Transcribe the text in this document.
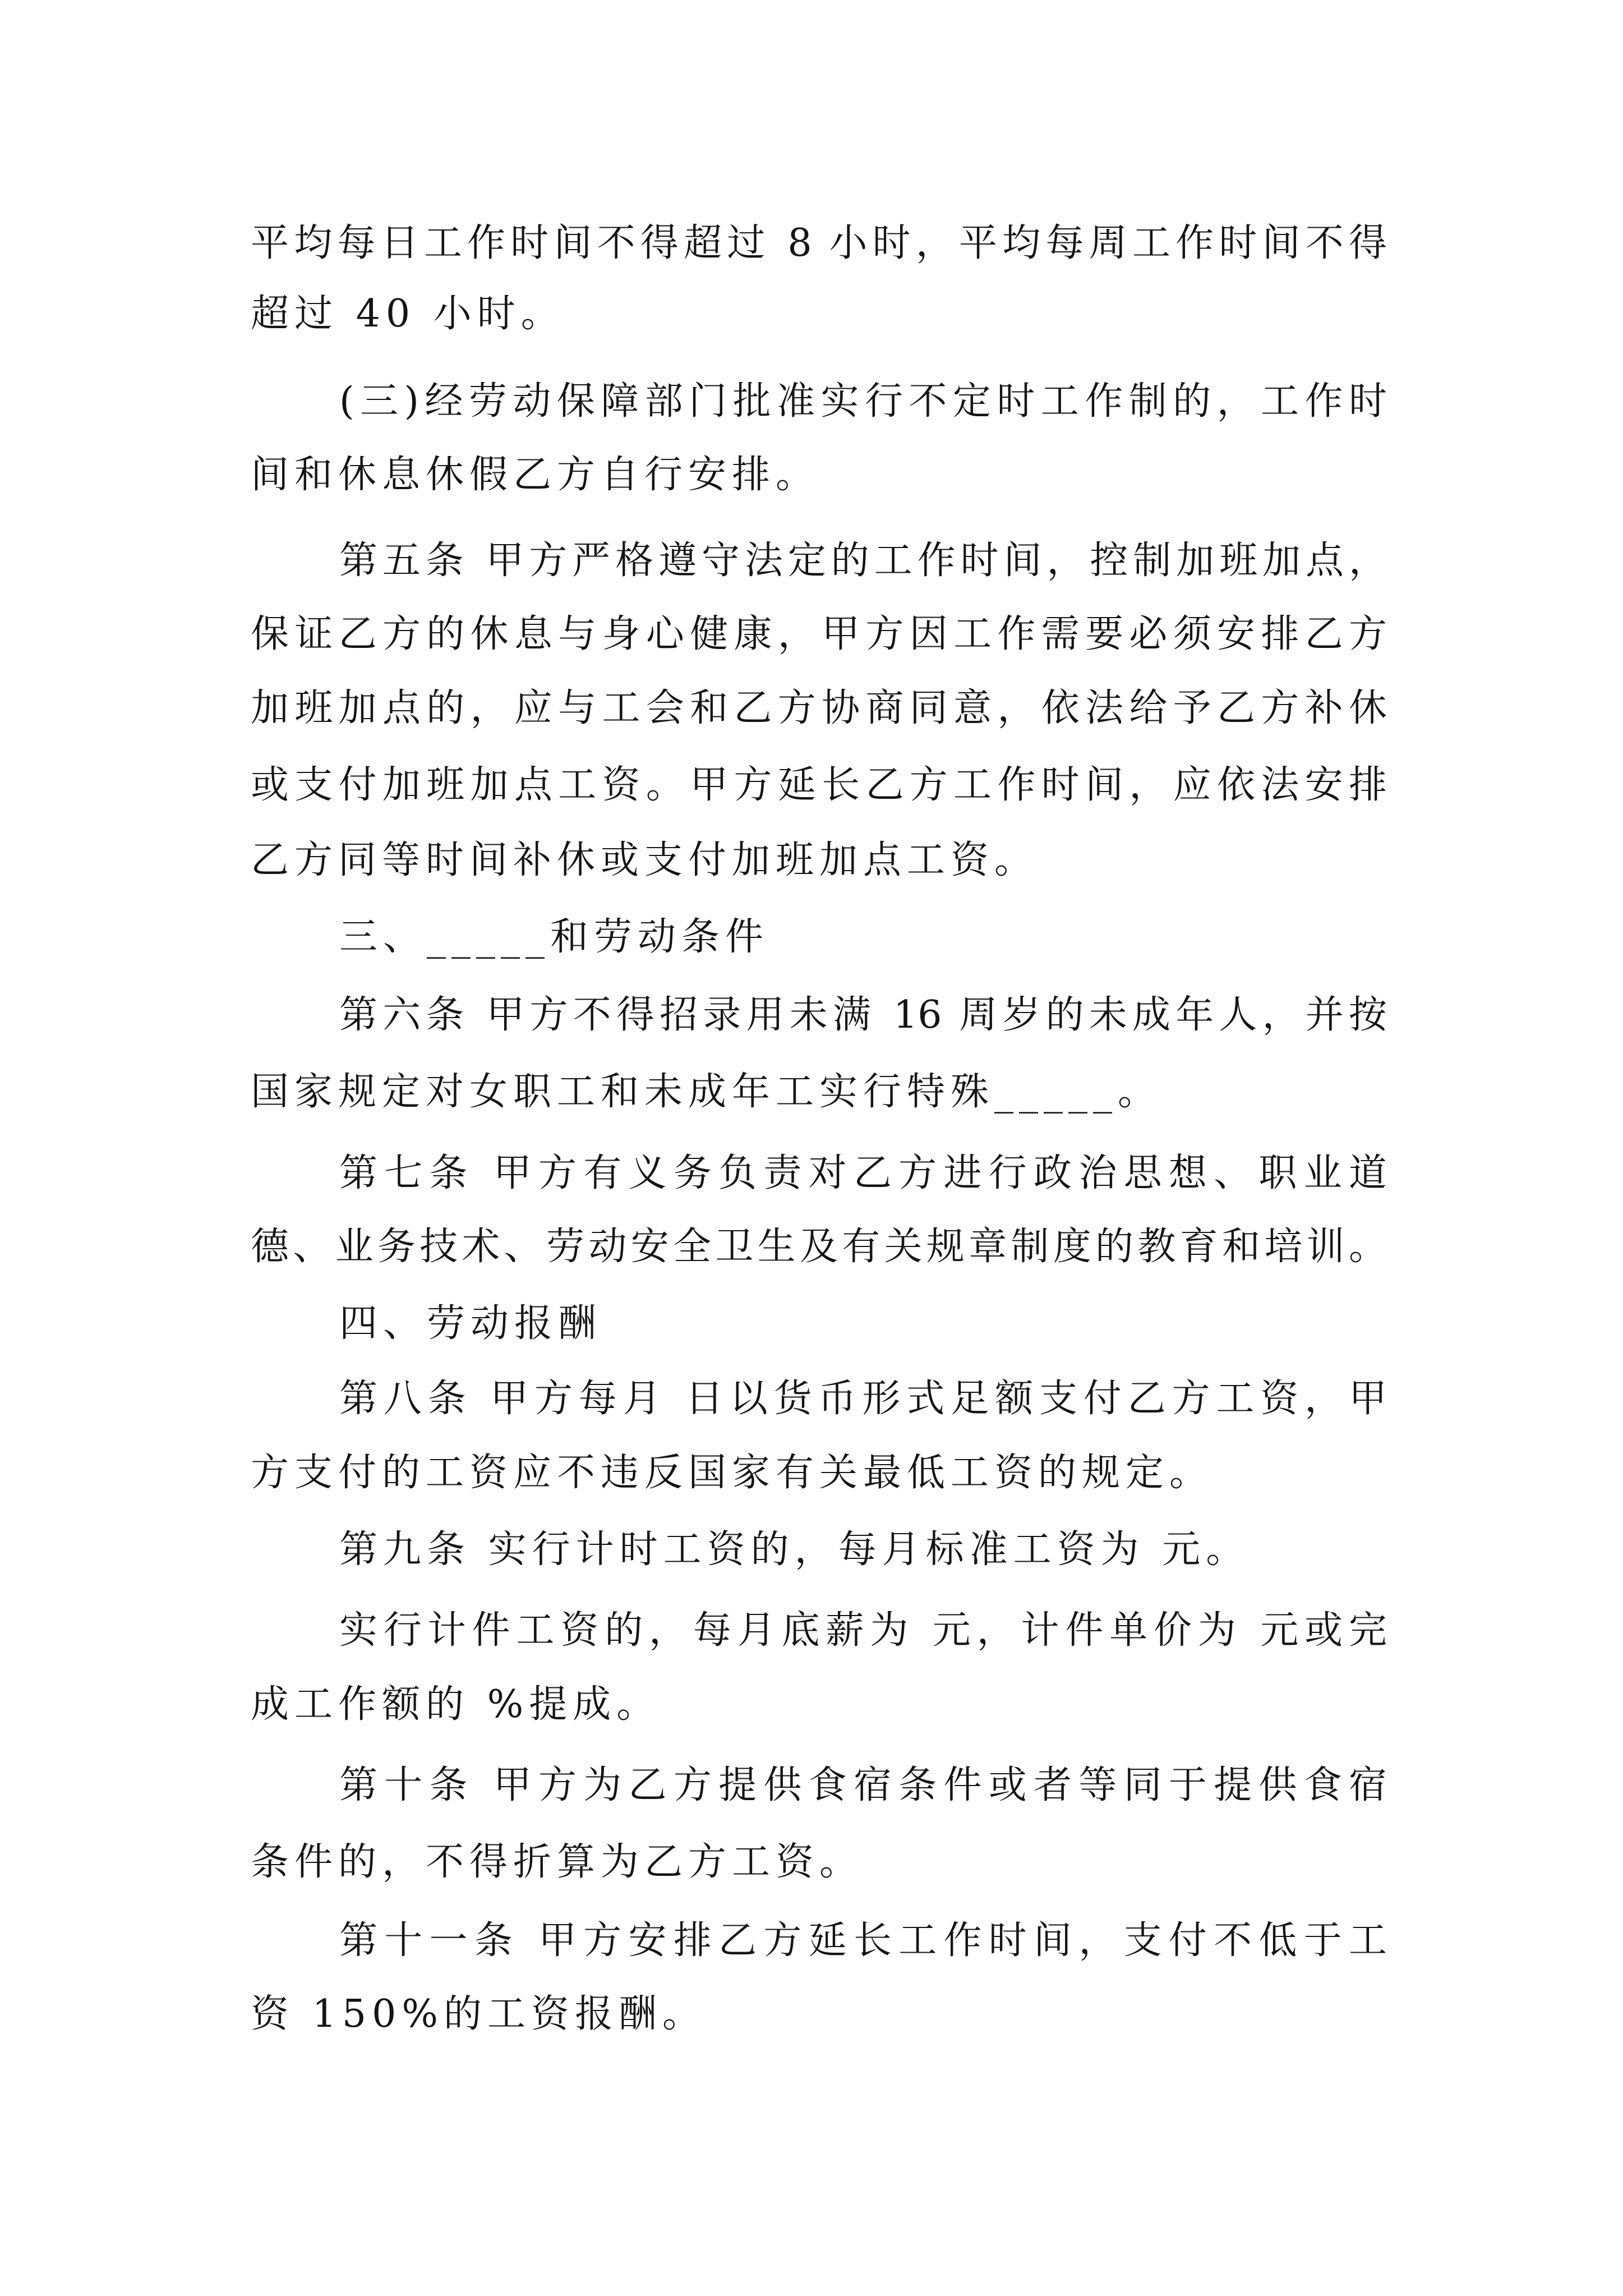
平均每日工作时间不得超过 8 小时，平均每周工作时间不得
超过 40 小时。
(三)经劳动保障部门批准实行不定时工作制的，工作时
间和休息休假乙方自行安排。
第五条 甲方严格遵守法定的工作时间，控制加班加点，
保证乙方的休息与身心健康，甲方因工作需要必须安排乙方
加班加点的，应与工会和乙方协商同意，依法给予乙方补休
或支付加班加点工资。甲方延长乙方工作时间，应依法安排
乙方同等时间补休或支付加班加点工资。
三、_____和劳动条件
第六条 甲方不得招录用未满 16 周岁的未成年人，并按
国家规定对女职工和未成年工实行特殊_____。
第七条 甲方有义务负责对乙方进行政治思想、职业道
德、业务技术、劳动安全卫生及有关规章制度的教育和培训。
四、劳动报酬
第八条 甲方每月 日以货币形式足额支付乙方工资，甲
方支付的工资应不违反国家有关最低工资的规定。
第九条 实行计时工资的，每月标准工资为 元。
实行计件工资的，每月底薪为 元，计件单价为 元或完
成工作额的 %提成。
第十条 甲方为乙方提供食宿条件或者等同于提供食宿
条件的，不得折算为乙方工资。
第十一条 甲方安排乙方延长工作时间，支付不低于工
资 150%的工资报酬。
